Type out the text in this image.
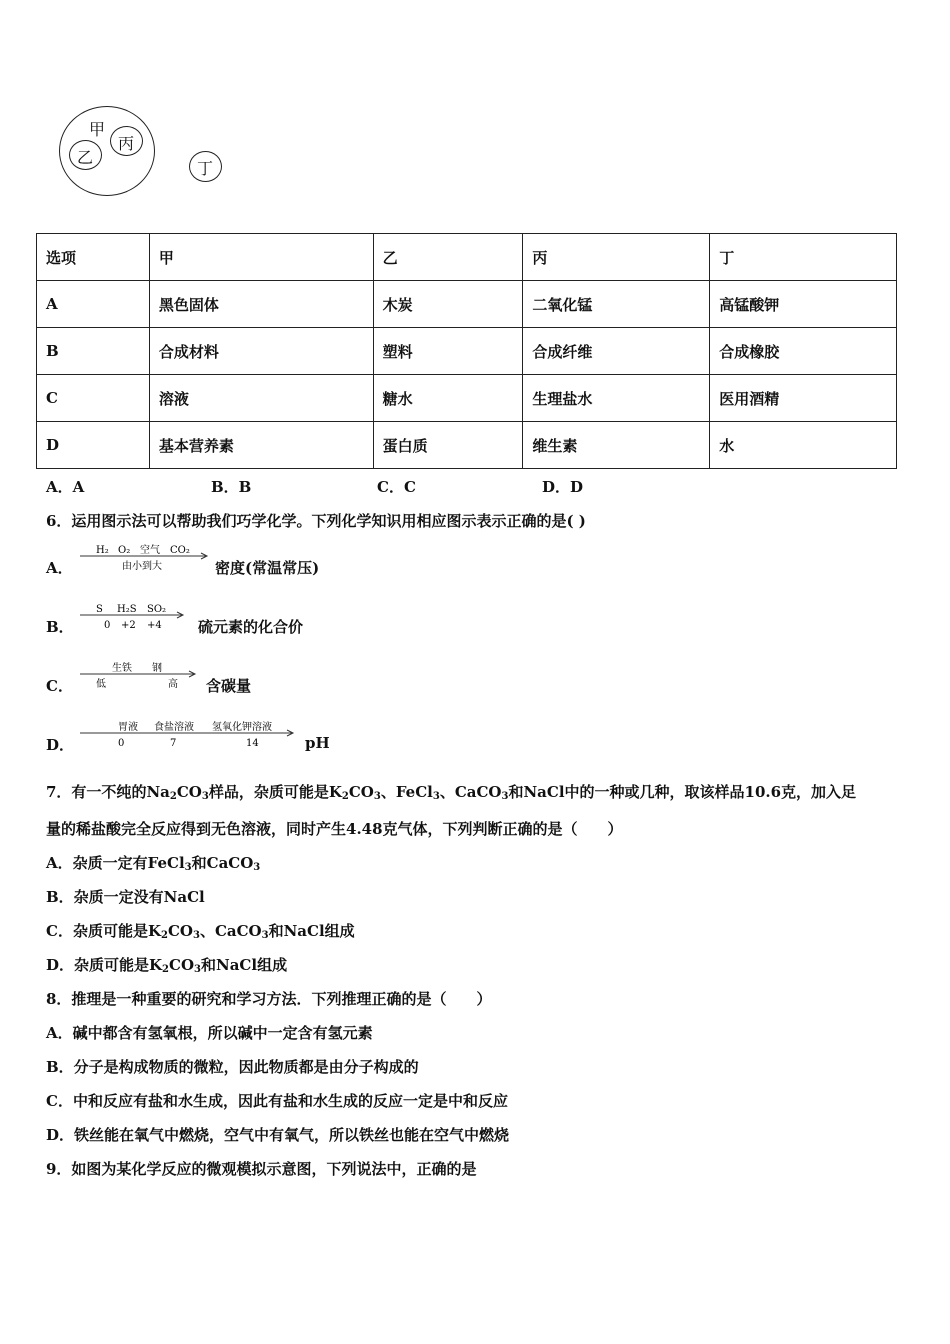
甲
乙
丙
丁
选项	甲	乙	丙	丁
A	黑色固体	木炭	二氧化锰	高锰酸钾
B	合成材料	塑料	合成纤维	合成橡胶
C	溶液	糖水	生理盐水	医用酒精
D	基本营养素	蛋白质	维生素	水
A．A	B．B	C．C	D．D
6．运用图示法可以帮助我们巧学化学。下列化学知识用相应图示表示正确的是( )
A．
H₂ O₂ 空气 CO₂
由小到大	密度(常温常压)
B．
S H₂S SO₂
0 +2 +4 硫元素的化合价
C．
生铁 钢
低	高 含碳量
D．
胃液 食盐溶液 氢氧化钾溶液
0	7	14	pH
7．有一不纯的$Na_2CO_3$样品，杂质可能是$K_2CO_3$、FeCl$_3$、CaCO$_3$和NaCl中的一种或几种，取该样品10.6克，加入足
量的稀盐酸完全反应得到无色溶液，同时产生4.48克气体，下列判断正确的是（　　）
A．杂质一定有FeCl$_3$和CaCO$_3$
B．杂质一定没有NaCl
C．杂质可能是$K_2CO_3$、CaCO$_3$和NaCl组成
D．杂质可能是$K_2CO_3$和NaCl组成
8．推理是一种重要的研究和学习方法．下列推理正确的是（　　）
A．碱中都含有氢氧根，所以碱中一定含有氢元素
B．分子是构成物质的微粒，因此物质都是由分子构成的
C．中和反应有盐和水生成，因此有盐和水生成的反应一定是中和反应
D．铁丝能在氧气中燃烧，空气中有氧气，所以铁丝也能在空气中燃烧
9．如图为某化学反应的微观模拟示意图，下列说法中，正确的是
